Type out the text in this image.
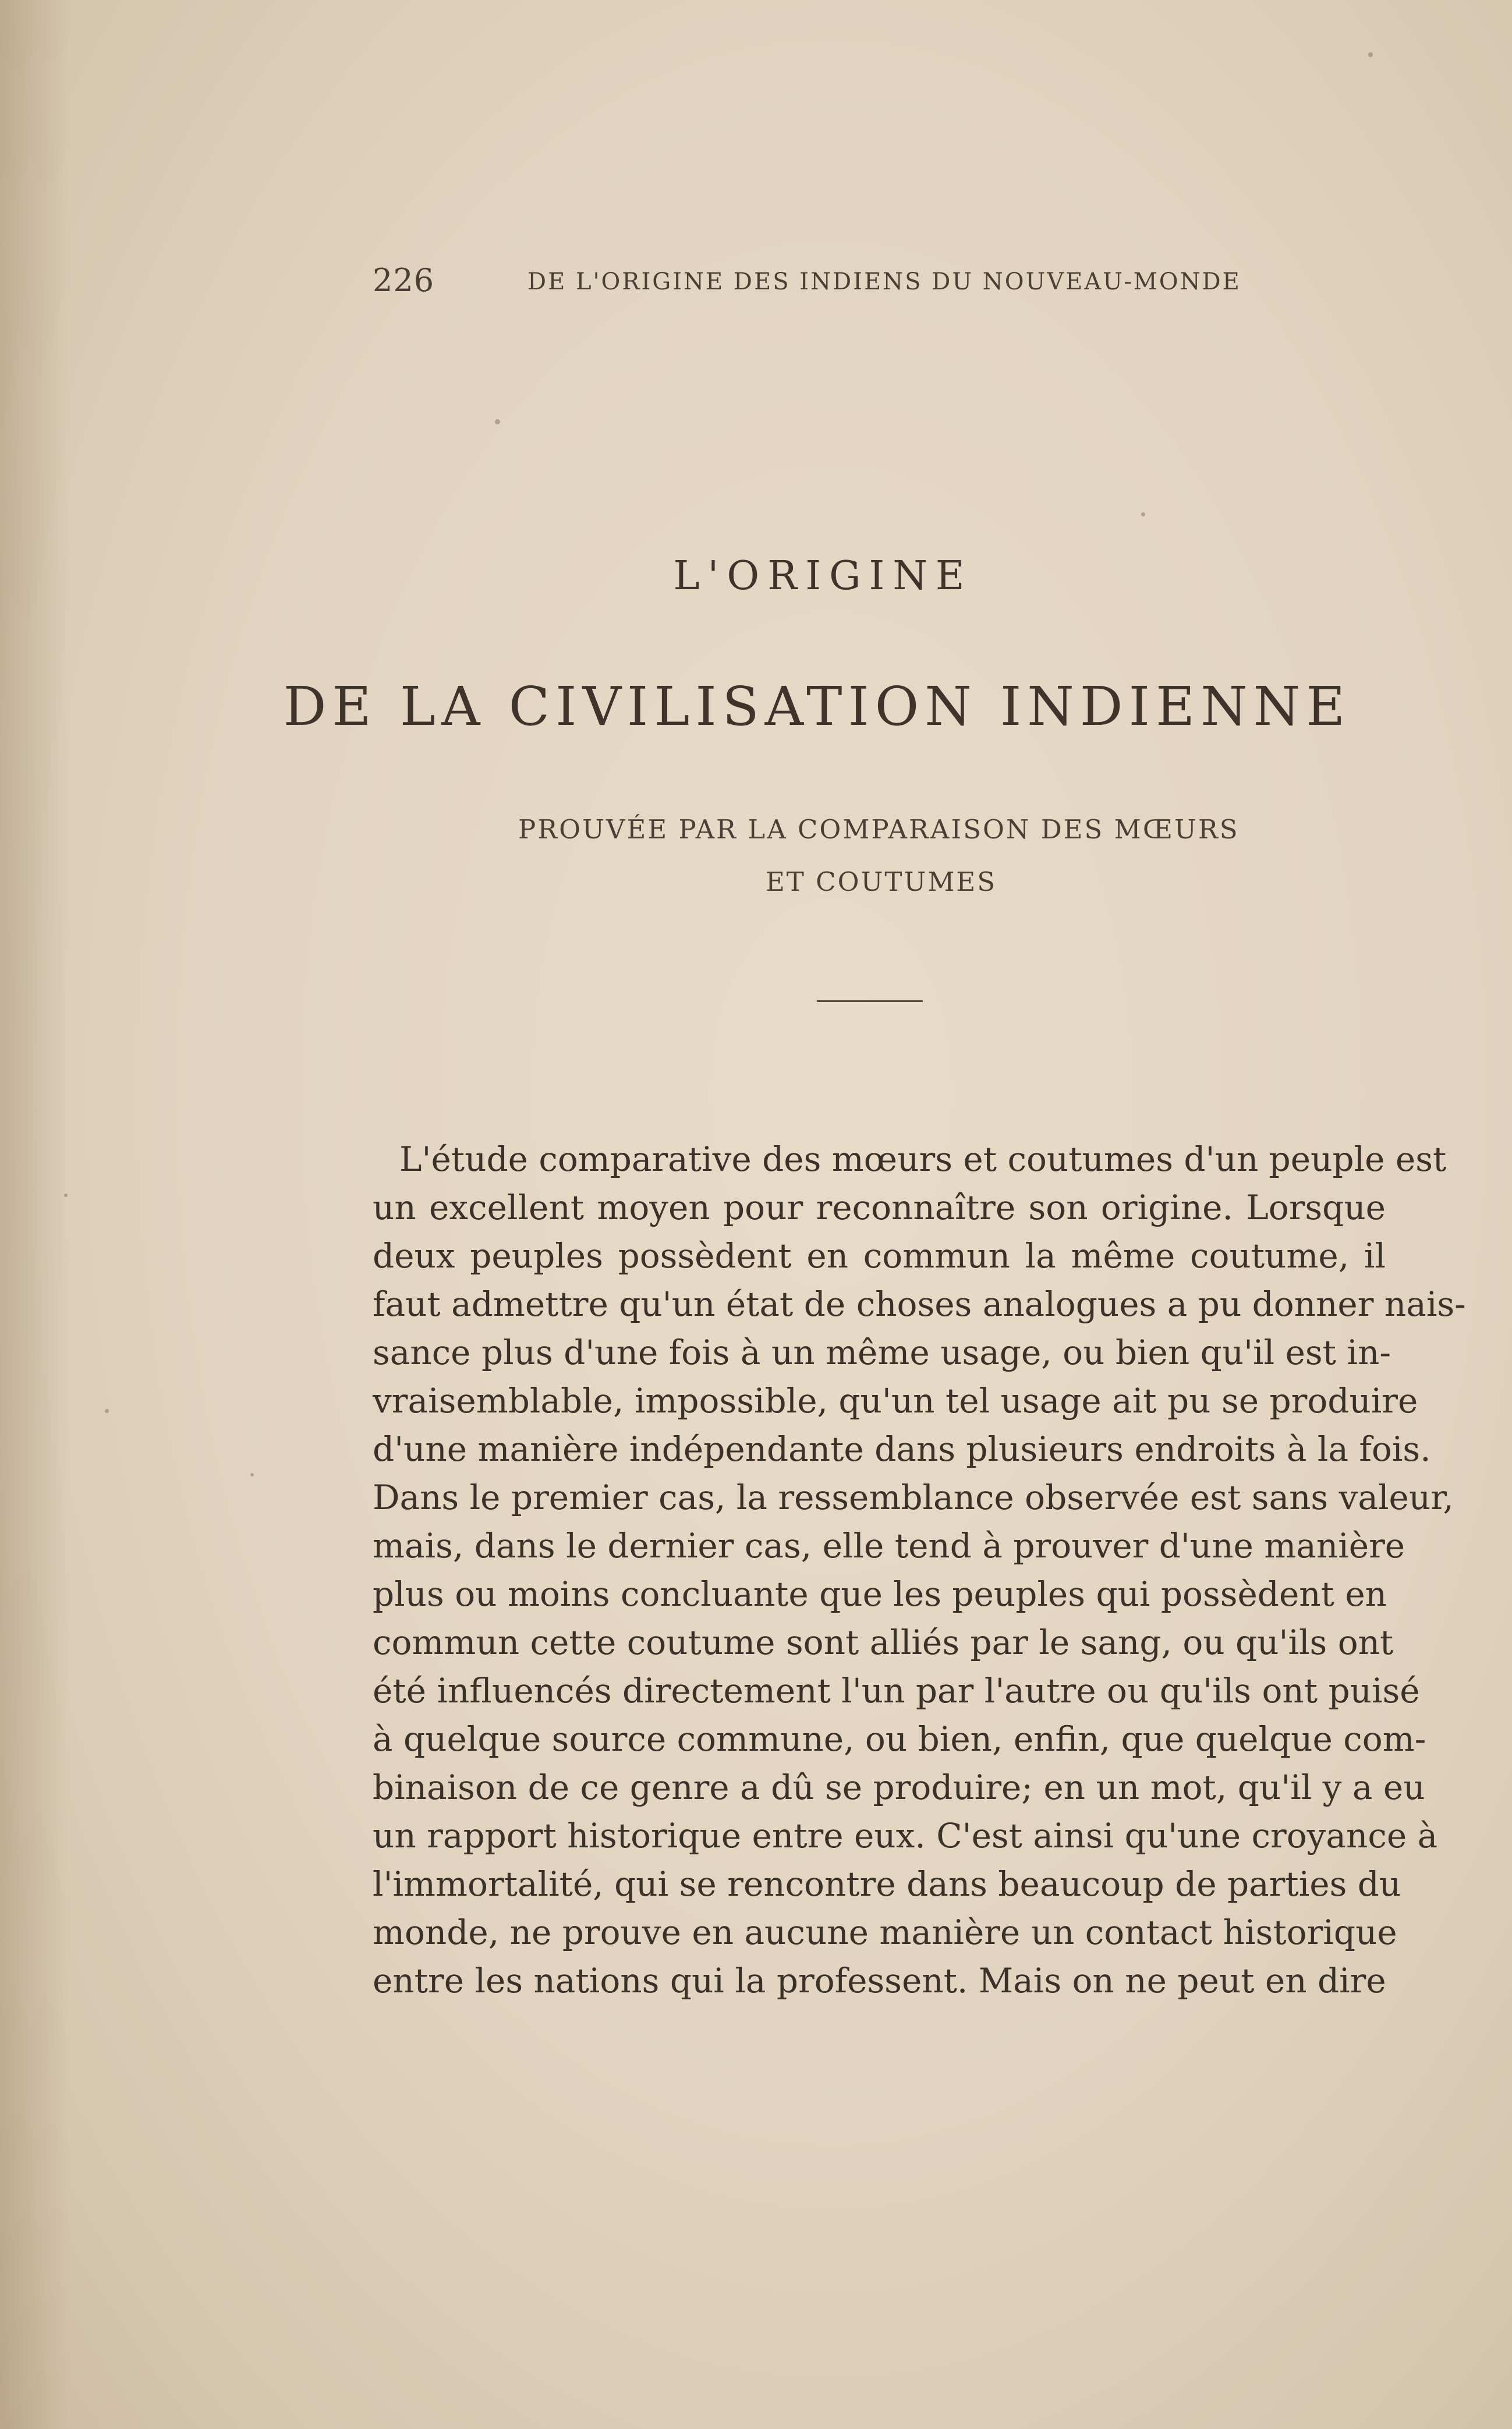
226	DE L'ORIGINE DES INDIENS DU NOUVEAU-MONDE
L'ORIGINE
DE LA CIVILISATION INDIENNE
PROUVÉE PAR LA COMPARAISON DES MŒURS
ET COUTUMES
L'étude comparative des mœurs et coutumes d'un peuple est
un excellent moyen pour reconnaître son origine. Lorsque
deux peuples possèdent en commun la même coutume, il
faut admettre qu'un état de choses analogues a pu donner nais-
sance plus d'une fois à un même usage, ou bien qu'il est in-
vraisemblable, impossible, qu'un tel usage ait pu se produire
d'une manière indépendante dans plusieurs endroits à la fois.
Dans le premier cas, la ressemblance observée est sans valeur,
mais, dans le dernier cas, elle tend à prouver d'une manière
plus ou moins concluante que les peuples qui possèdent en
commun cette coutume sont alliés par le sang, ou qu'ils ont
été influencés directement l'un par l'autre ou qu'ils ont puisé
à quelque source commune, ou bien, enfin, que quelque com-
binaison de ce genre a dû se produire; en un mot, qu'il y a eu
un rapport historique entre eux. C'est ainsi qu'une croyance à
l'immortalité, qui se rencontre dans beaucoup de parties du
monde, ne prouve en aucune manière un contact historique
entre les nations qui la professent. Mais on ne peut en dire
